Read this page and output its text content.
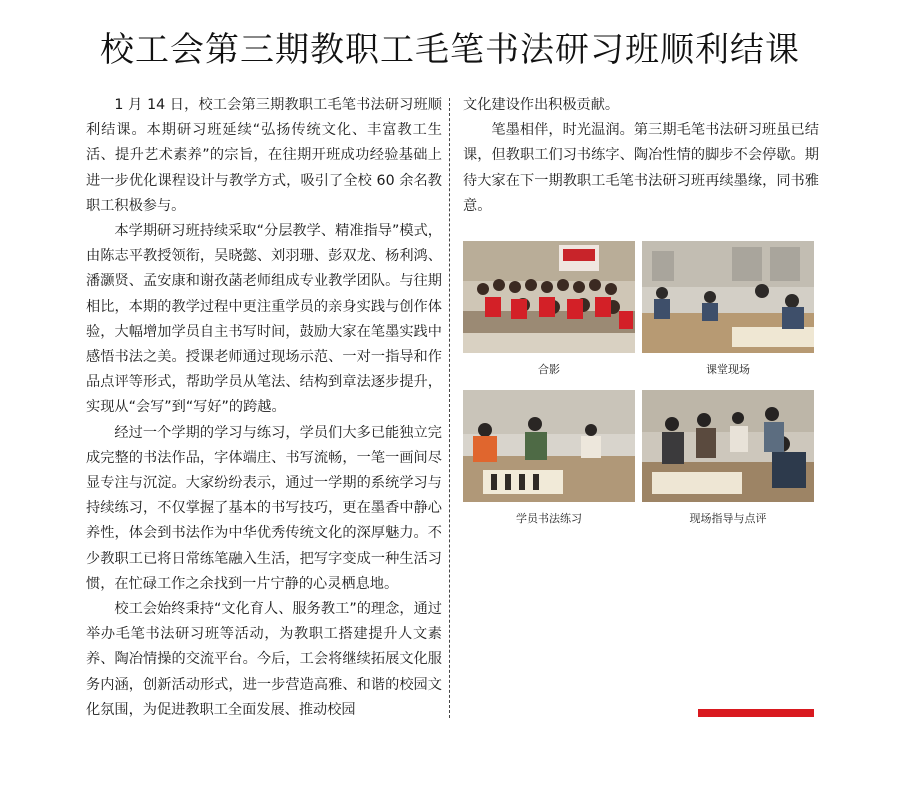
校工会第三期教职工毛笔书法研习班顺利结课

1 月 14 日，校工会第三期教职工毛笔书法研习班顺利结课。本期研习班延续“弘扬传统文化、丰富教工生活、提升艺术素养”的宗旨，在往期开班成功经验基础上进一步优化课程设计与教学方式，吸引了全校 60 余名教职工积极参与。

本学期研习班持续采取“分层教学、精准指导”模式，由陈志平教授领衔，吴晓懿、刘羽珊、彭双龙、杨利鸿、潘灏贤、孟安康和谢孜菡老师组成专业教学团队。与往期相比，本期的教学过程中更注重学员的亲身实践与创作体验，大幅增加学员自主书写时间，鼓励大家在笔墨实践中感悟书法之美。授课老师通过现场示范、一对一指导和作品点评等形式，帮助学员从笔法、结构到章法逐步提升，实现从“会写”到“写好”的跨越。

经过一个学期的学习与练习，学员们大多已能独立完成完整的书法作品，字体端庄、书写流畅，一笔一画间尽显专注与沉淀。大家纷纷表示，通过一学期的系统学习与持续练习，不仅掌握了基本的书写技巧，更在墨香中静心养性，体会到书法作为中华优秀传统文化的深厚魅力。不少教职工已将日常练笔融入生活，把写字变成一种生活习惯，在忙碌工作之余找到一片宁静的心灵栖息地。

校工会始终秉持“文化育人、服务教工”的理念，通过举办毛笔书法研习班等活动，为教职工搭建提升人文素养、陶冶情操的交流平台。今后，工会将继续拓展文化服务内涵，创新活动形式，进一步营造高雅、和谐的校园文化氛围，为促进教职工全面发展、推动校园

文化建设作出积极贡献。

笔墨相伴，时光温润。第三期毛笔书法研习班虽已结课，但教职工们习书练字、陶冶性情的脚步不会停歇。期待大家在下一期教职工毛笔书法研习班再续墨缘，同书雅意。

合影	课堂现场
学员书法练习	现场指导与点评
